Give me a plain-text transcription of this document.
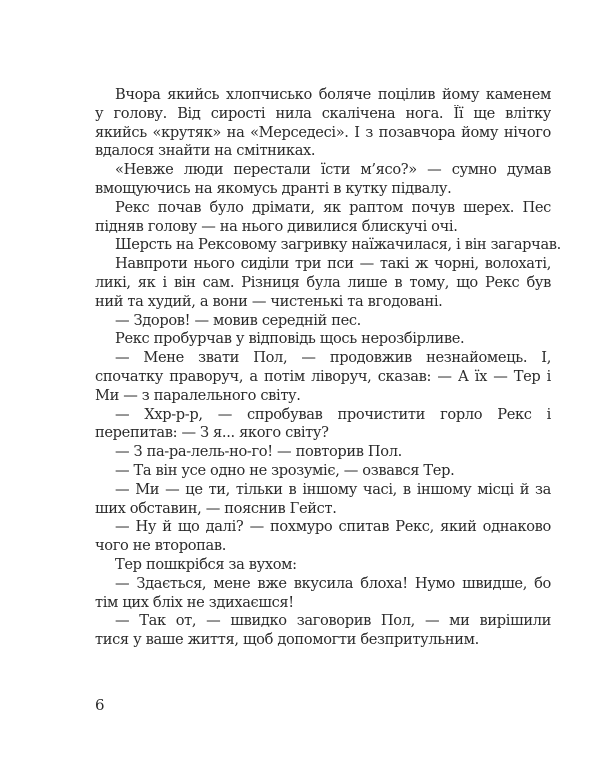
Вчора якийсь хлопчисько боляче поцілив йому каменем
у голову. Від сирості нила скалічена нога. Її ще влітку
якийсь «крутяк» на «Мерседесі». І з позавчора йому нічого
вдалося знайти на смітниках.
«Невже люди перестали їсти м’ясо?» — сумно думав
вмощуючись на якомусь дранті в кутку підвалу.
Рекс почав було дрімати, як раптом почув шерех. Пес
підняв голову — на нього дивилися блискучі очі.
Шерсть на Рексовому загривку наїжачилася, і він загарчав.
Навпроти нього сиділи три пси — такі ж чорні, волохаті,
ликі, як і він сам. Різниця була лише в тому, що Рекс був
ний та худий, а вони — чистенькі та вгодовані.
— Здоров! — мовив середній пес.
Рекс пробурчав у відповідь щось нерозбірливе.
— Мене звати Пол, — продовжив незнайомець. І,
спочатку праворуч, а потім ліворуч, сказав: — А їх — Тер і
Ми — з паралельного світу.
— Ххр-р-р, — спробував прочистити горло Рекс і
перепитав: — З я... якого світу?
— З па-ра-лель-но-го! — повторив Пол.
— Та він усе одно не зрозуміє, — озвався Тер.
— Ми — це ти, тільки в іншому часі, в іншому місці й за
ших обставин, — пояснив Гейст.
— Ну й що далі? — похмуро спитав Рекс, який однаково
чого не второпав.
Тер пошкрібся за вухом:
— Здається, мене вже вкусила блоха! Нумо швидше, бо
тім цих бліх не здихаєшся!
— Так от, — швидко заговорив Пол, — ми вирішили
тися у ваше життя, щоб допомогти безпритульним.
6
